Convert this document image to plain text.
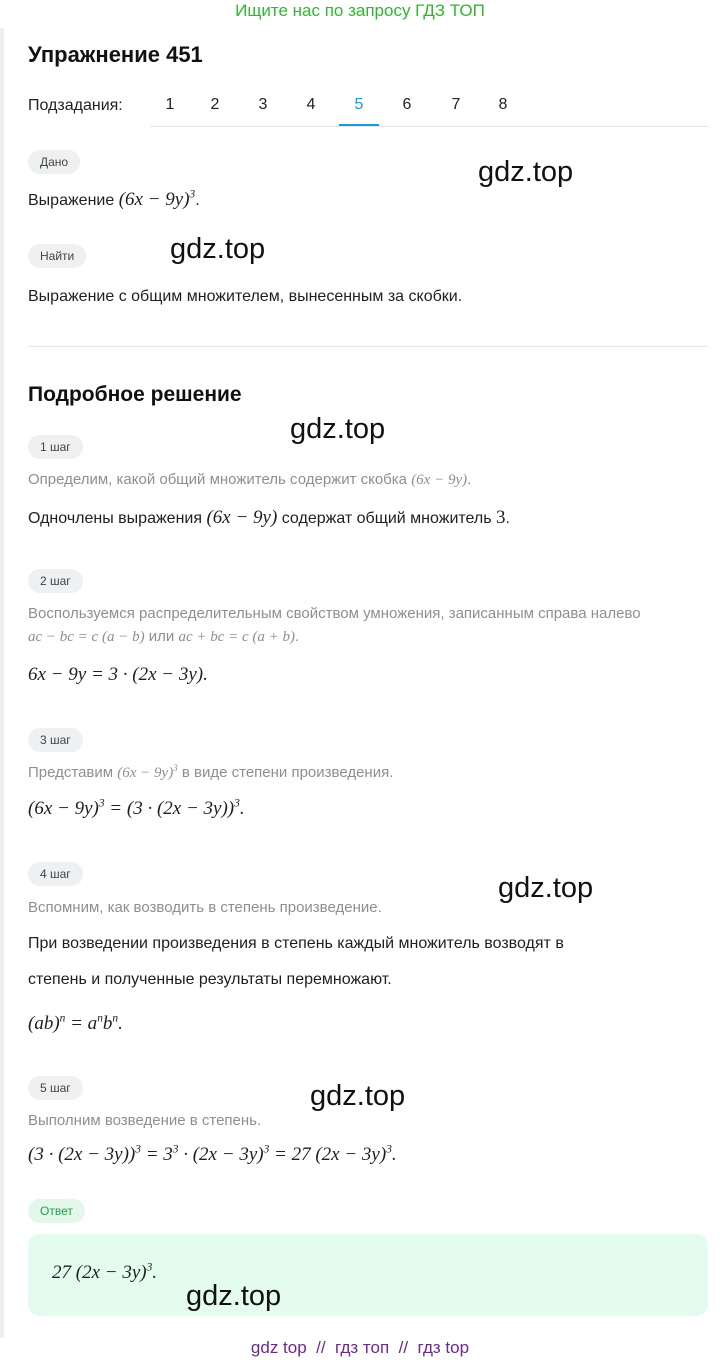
Ищите нас по запросу ГДЗ ТОП
Упражнение 451
Подзадания:	1	2	3	4	5	6	7	8
Дано
Выражение $(6x - 9y)^3$.
Найти
Выражение с общим множителем, вынесенным за скобки.
Подробное решение
1 шаг
Определим, какой общий множитель содержит скобка (6x − 9y).
Одночлены выражения (6x − 9y) содержат общий множитель 3.
2 шаг
Воспользуемся распределительным свойством умножения, записанным справа налево
ac − bc = c (a − b) или ac + bc = c (a + b).
6x − 9y = 3 · (2x − 3y).
3 шаг
Представим $(6x - 9y)^3$ в виде степени произведения.
$(6x - 9y)^3 = (3 \cdot (2x - 3y))^3$.
4 шаг
Вспомним, как возводить в степень произведение.
При возведении произведения в степень каждый множитель возводят в
степень и полученные результаты перемножают.
$(ab)^n = a^nb^n$.
5 шаг
Выполним возведение в степень.
$(3 \cdot (2x - 3y))^3 = 3^3 \cdot (2x - 3y)^3 = 27$ $(2x - 3y)^3$.
Ответ
27 $(2x - 3y)^3$.
gdz.top
gdz.top
gdz.top
gdz.top
gdz.top
gdz.top
gdz top // гдз топ // гдз top
